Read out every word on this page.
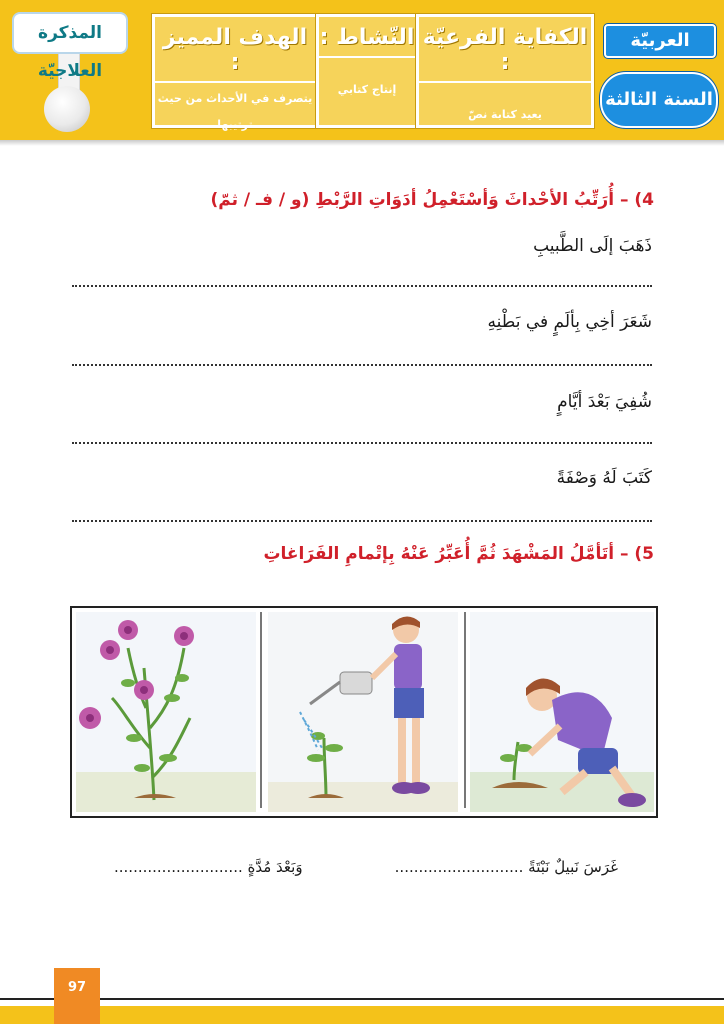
المذكرة العلاجيّة
الهدف المميز :
يتصرف في الأحداث من حيث
ترتيبها
النّشاط :
إنتاج كتابي
الكفاية الفرعيّة :
يعيد كتابة نصّ
العربيّة
السنة الثالثة
4) – أُرَتِّبُ الأحْداثَ وَأسْتَعْمِلُ أدَوَاتِ الرَّبْطِ (و / فـ / ثمّ)
ذَهَبَ إلَى الطَّبيبِ
شَعَرَ أخِي بِألَمٍ في بَطْنِهِ
شُفِيَ بَعْدَ أيَّامٍ
كَتَبَ لَهُ وَصْفَةً
5) – أتَأمَّلُ المَشْهَدَ ثُمَّ أُعَبِّرُ عَنْهُ بِإتْمامِ الفَرَاغاتِ
غَرَسَ نَبيلٌ نَبْتَةً ...........................
وَبَعْدَ مُدَّةٍ ...........................
97
